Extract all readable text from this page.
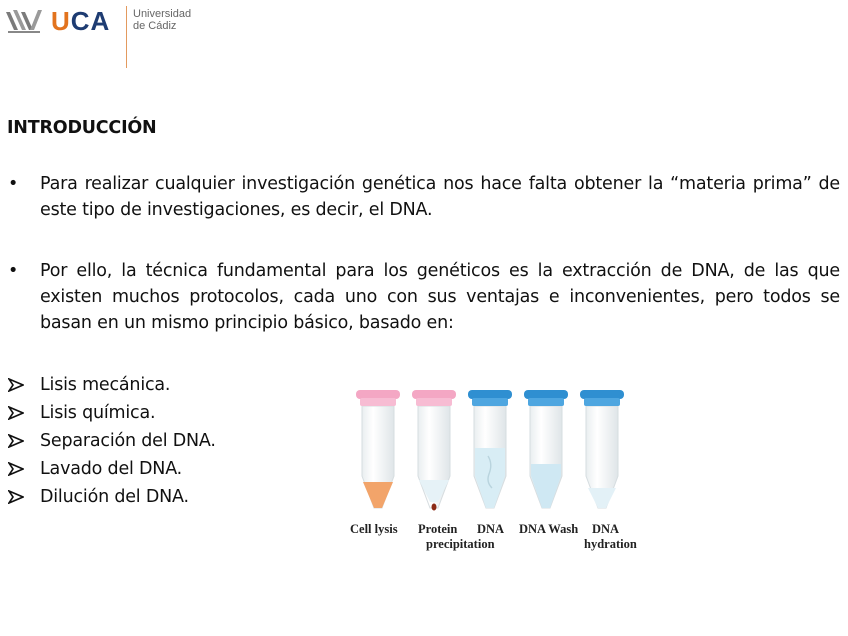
UCA Universidad
de Cádiz
INTRODUCCIÓN
• Para realizar cualquier investigación genética nos hace falta obtener la “materia prima” de este tipo de investigaciones, es decir, el DNA.
• Por ello, la técnica fundamental para los genéticos es la extracción de DNA, de las que existen muchos protocolos, cada uno con sus ventajas e inconvenientes, pero todos se basan en un mismo principio básico, basado en:
Lisis mecánica.
Lisis química.
Separación del DNA.
Lavado del DNA.
Dilución del DNA.
Cell lysis Protein
precipitation
DNA DNA Wash DNA
hydration
